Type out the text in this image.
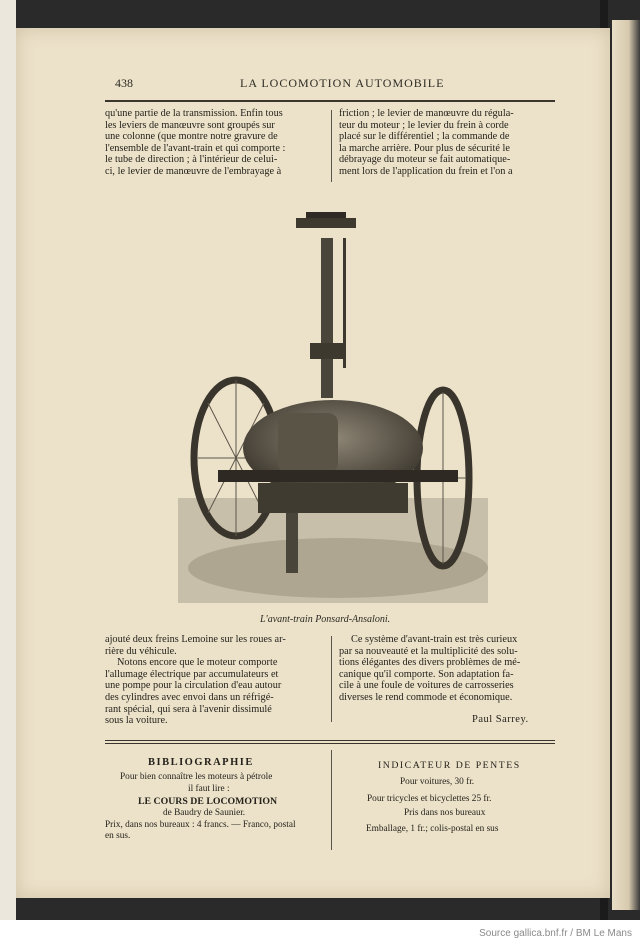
438	LA LOCOMOTION AUTOMOBILE

qu'une partie de la transmission. Enfin tous

les leviers de manœuvre sont groupés sur

une colonne (que montre notre gravure de

l'ensemble de l'avant-train et qui comporte :

le tube de direction ; à l'intérieur de celui-

ci, le levier de manœuvre de l'embrayage à

friction ; le levier de manœuvre du régula-

teur du moteur ; le levier du frein à corde

placé sur le différentiel ; la commande de

la marche arrière. Pour plus de sécurité le

débrayage du moteur se fait automatique-

ment lors de l'application du frein et l'on a

L'avant-train Ponsard-Ansaloni.

ajouté deux freins Lemoine sur les roues ar-

rière du véhicule.

Notons encore que le moteur comporte

l'allumage électrique par accumulateurs et

une pompe pour la circulation d'eau autour

des cylindres avec envoi dans un réfrigé-

rant spécial, qui sera à l'avenir dissimulé

sous la voiture.

Ce système d'avant-train est très curieux

par sa nouveauté et la multiplicité des solu-

tions élégantes des divers problèmes de mé-

canique qu'il comporte. Son adaptation fa-

cile à une foule de voitures de carrosseries

diverses le rend commode et économique.

Paul Sarrey.
BIBLIOGRAPHIE
Pour bien connaître les moteurs à pétrole
il faut lire :
LE COURS DE LOCOMOTION
de Baudry de Saunier.
Prix, dans nos bureaux : 4 francs. — Franco, postal
en sus.
INDICATEUR DE PENTES
Pour voitures, 30 fr.
Pour tricycles et bicyclettes 25 fr.
Pris dans nos bureaux
Emballage, 1 fr.; colis-postal en sus
Source gallica.bnf.fr / BM Le Mans
